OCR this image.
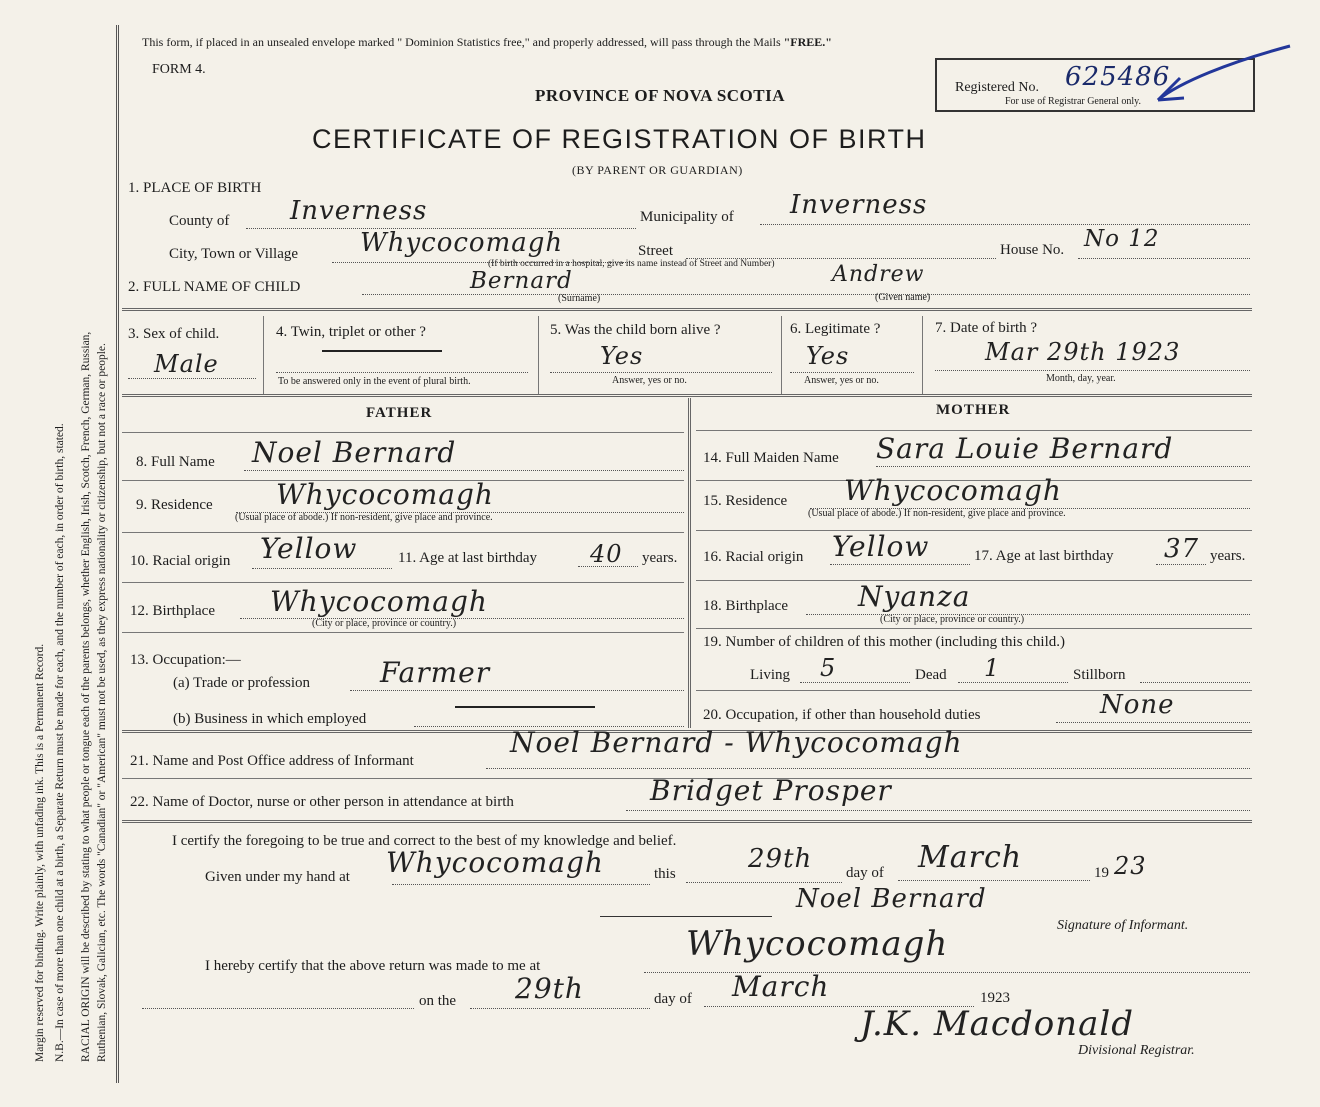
Margin reserved for binding. Write plainly, with unfading ink. This is a Permanent Record. N.B.—In case of more than one child at a birth, a Separate Return must be made for each, and the number of each, in order of birth, stated. RACIAL ORIGIN will be described by stating to what people or tongue each of the parents belongs, whether English, Irish, Scotch, French, German, Russian, Ruthenian, Slovak, Galician, etc. The words "Canadian" or "American" must not be used, as they express nationality or citizenship, but not a race or people.
This form, if placed in an unsealed envelope marked " Dominion Statistics free," and properly addressed, will pass through the Mails "FREE."
FORM 4.
PROVINCE OF NOVA SCOTIA
CERTIFICATE OF REGISTRATION OF BIRTH
(BY PARENT OR GUARDIAN)
Registered No. 625486
For use of Registrar General only.
1. PLACE OF BIRTH
County of Inverness	Municipality of Inverness
City, Town or Village Whycocomagh	Street
(If birth occurred in a hospital, give its name instead of Street and Number)
House No. No 12
2. FULL NAME OF CHILD	Bernard
(Surname)
Andrew
(Given name)
3. Sex of child.
Male
4. Twin, triplet or other ?
To be answered only in the event of plural birth.
5. Was the child born alive ?
Yes
Answer, yes or no.
6. Legitimate ?
Yes
Answer, yes or no.
7. Date of birth ?
Mar 29th 1923
Month, day, year.
FATHER
8. Full Name Noel Bernard
9. Residence Whycocomagh
(Usual place of abode.) If non-resident, give place and province.
10. Racial origin Yellow	11. Age at last birthday 40 years.
12. Birthplace Whycocomagh
(City or place, province or country.)
13. Occupation:—
(a) Trade or profession Farmer
(b) Business in which employed
MOTHER
14. Full Maiden Name Sara Louie Bernard
15. Residence Whycocomagh
(Usual place of abode.) If non-resident, give place and province.
16. Racial origin Yellow	17. Age at last birthday 37 years.
18. Birthplace	Nyanza
(City or place, province or country.)
19. Number of children of this mother (including this child.)
Living 5	Dead 1	Stillborn
20. Occupation, if other than household duties	None
21. Name and Post Office address of Informant
Noel Bernard - Whycocomagh
22. Name of Doctor, nurse or other person in attendance at birth	Bridget Prosper
I certify the foregoing to be true and correct to the best of my knowledge and belief.
Given under my hand at Whycocomagh	this	29th day of March	19 23
Noel Bernard
Signature of Informant.
I hereby certify that the above return was made to me at
Whycocomagh
on the 29th	day of March	1923
J.K. Macdonald
Divisional Registrar.
